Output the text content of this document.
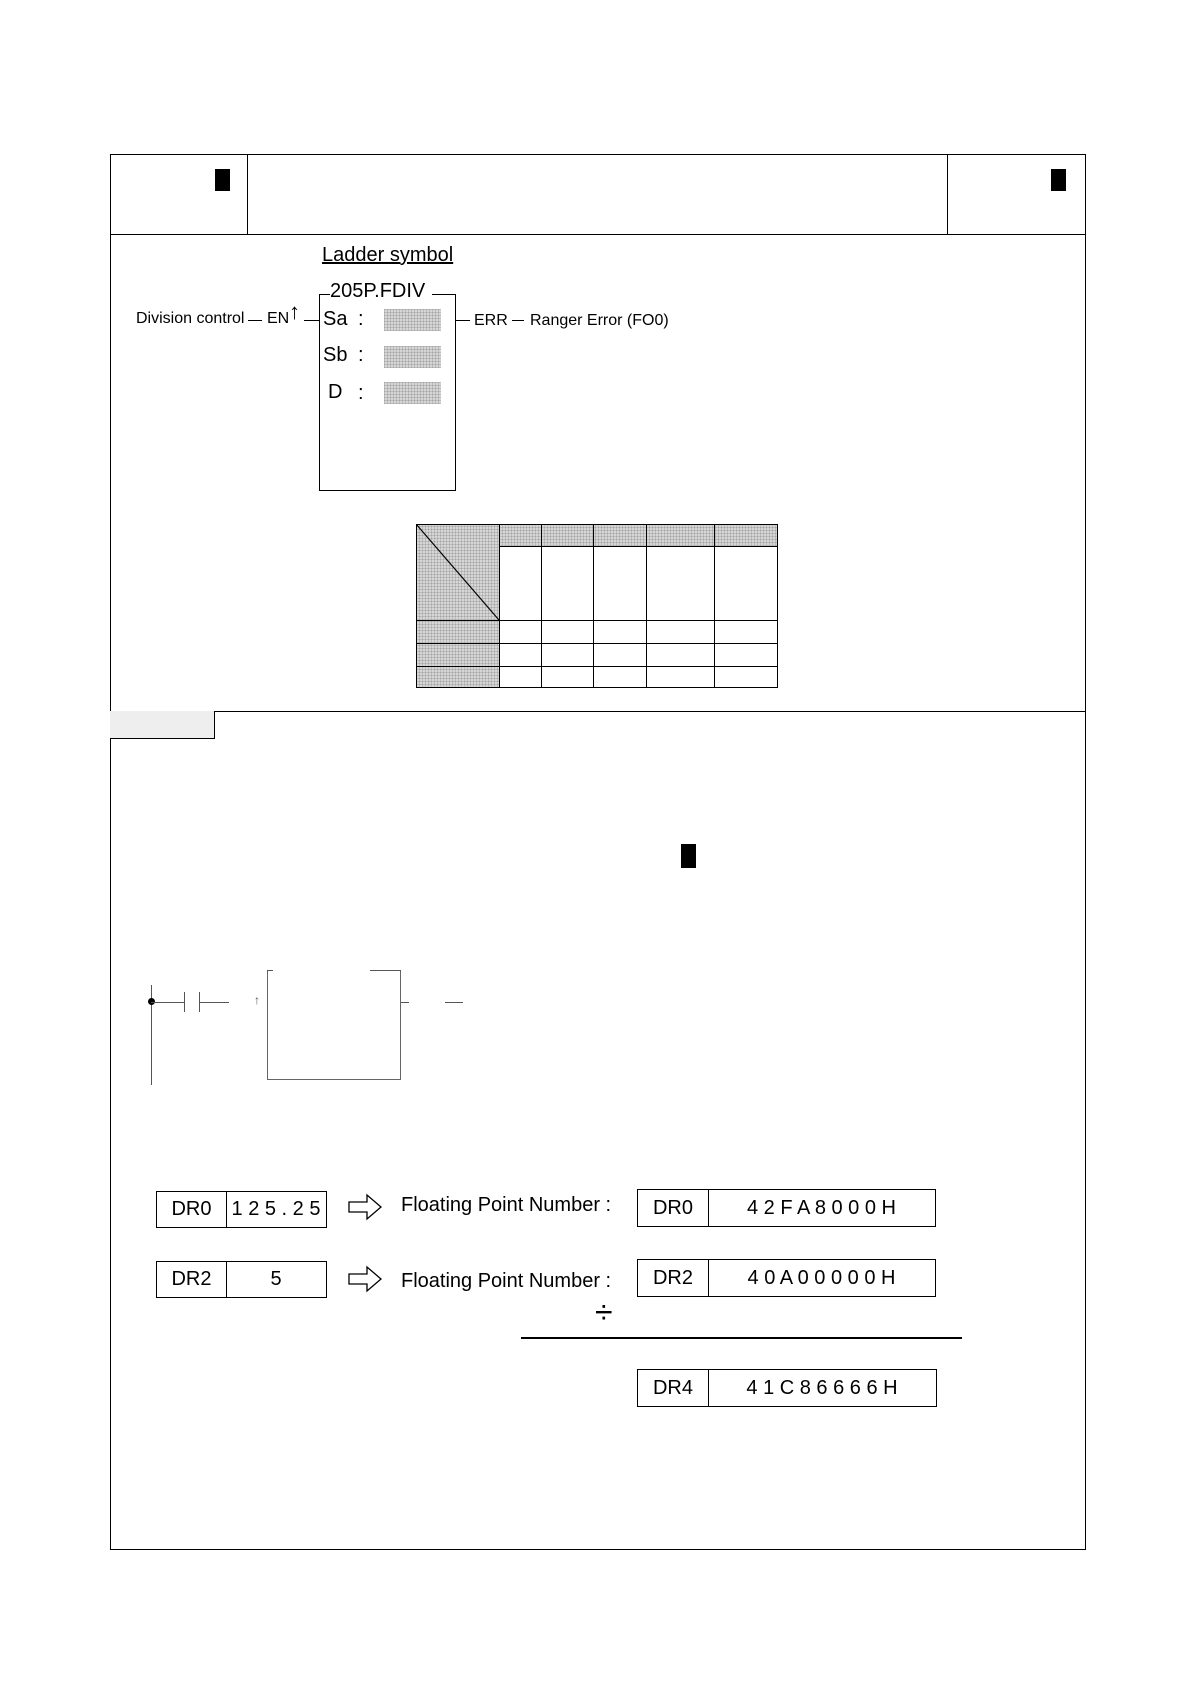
Ladder symbol
205P.FDIV
Division control EN ↑ Sa :
Sb :
D :
ERR Ranger Error (FO0)
↑
DR0	1 2 5 . 2 5	Floating Point Number :	DR0	4 2 F A 8 0 0 0 H
DR2	5	Floating Point Number :	DR2	4 0 A 0 0 0 0 0 H
÷
DR4	4 1 C 8 6 6 6 6 H
